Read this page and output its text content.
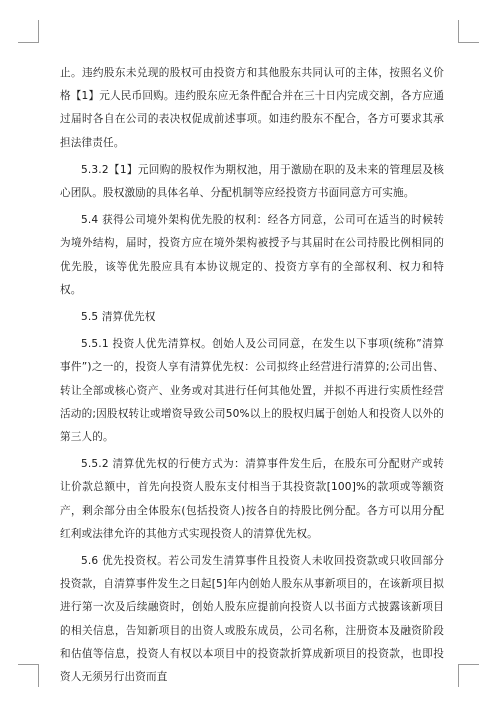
止。违约股东未兑现的股权可由投资方和其他股东共同认可的主体，按照名义价格【1】元人民币回购。违约股东应无条件配合并在三十日内完成交割，各方应通过届时各自在公司的表决权促成前述事项。如违约股东不配合，各方可要求其承担法律责任。

5.3.2【1】元回购的股权作为期权池，用于激励在职的及未来的管理层及核心团队。股权激励的具体名单、分配机制等应经投资方书面同意方可实施。

5.4 获得公司境外架构优先股的权利：经各方同意，公司可在适当的时候转为境外结构，届时，投资方应在境外架构被授予与其届时在公司持股比例相同的优先股，该等优先股应具有本协议规定的、投资方享有的全部权利、权力和特权。

5.5 清算优先权

5.5.1 投资人优先清算权。创始人及公司同意，在发生以下事项(统称”清算事件”)之一的，投资人享有清算优先权：公司拟终止经营进行清算的;公司出售、转让全部或核心资产、业务或对其进行任何其他处置，并拟不再进行实质性经营活动的;因股权转让或增资导致公司50%以上的股权归属于创始人和投资人以外的第三人的。

5.5.2 清算优先权的行使方式为：清算事件发生后，在股东可分配财产或转让价款总额中，首先向投资人股东支付相当于其投资款[100]%的款项或等额资产，剩余部分由全体股东(包括投资人)按各自的持股比例分配。各方可以用分配红利或法律允许的其他方式实现投资人的清算优先权。

5.6 优先投资权。若公司发生清算事件且投资人未收回投资款或只收回部分投资款，自清算事件发生之日起[5]年内创始人股东从事新项目的，在该新项目拟进行第一次及后续融资时，创始人股东应提前向投资人以书面方式披露该新项目的相关信息，告知新项目的出资人或股东成员，公司名称，注册资本及融资阶段和估值等信息，投资人有权以本项目中的投资款折算成新项目的投资款，也即投资人无须另行出资而直
